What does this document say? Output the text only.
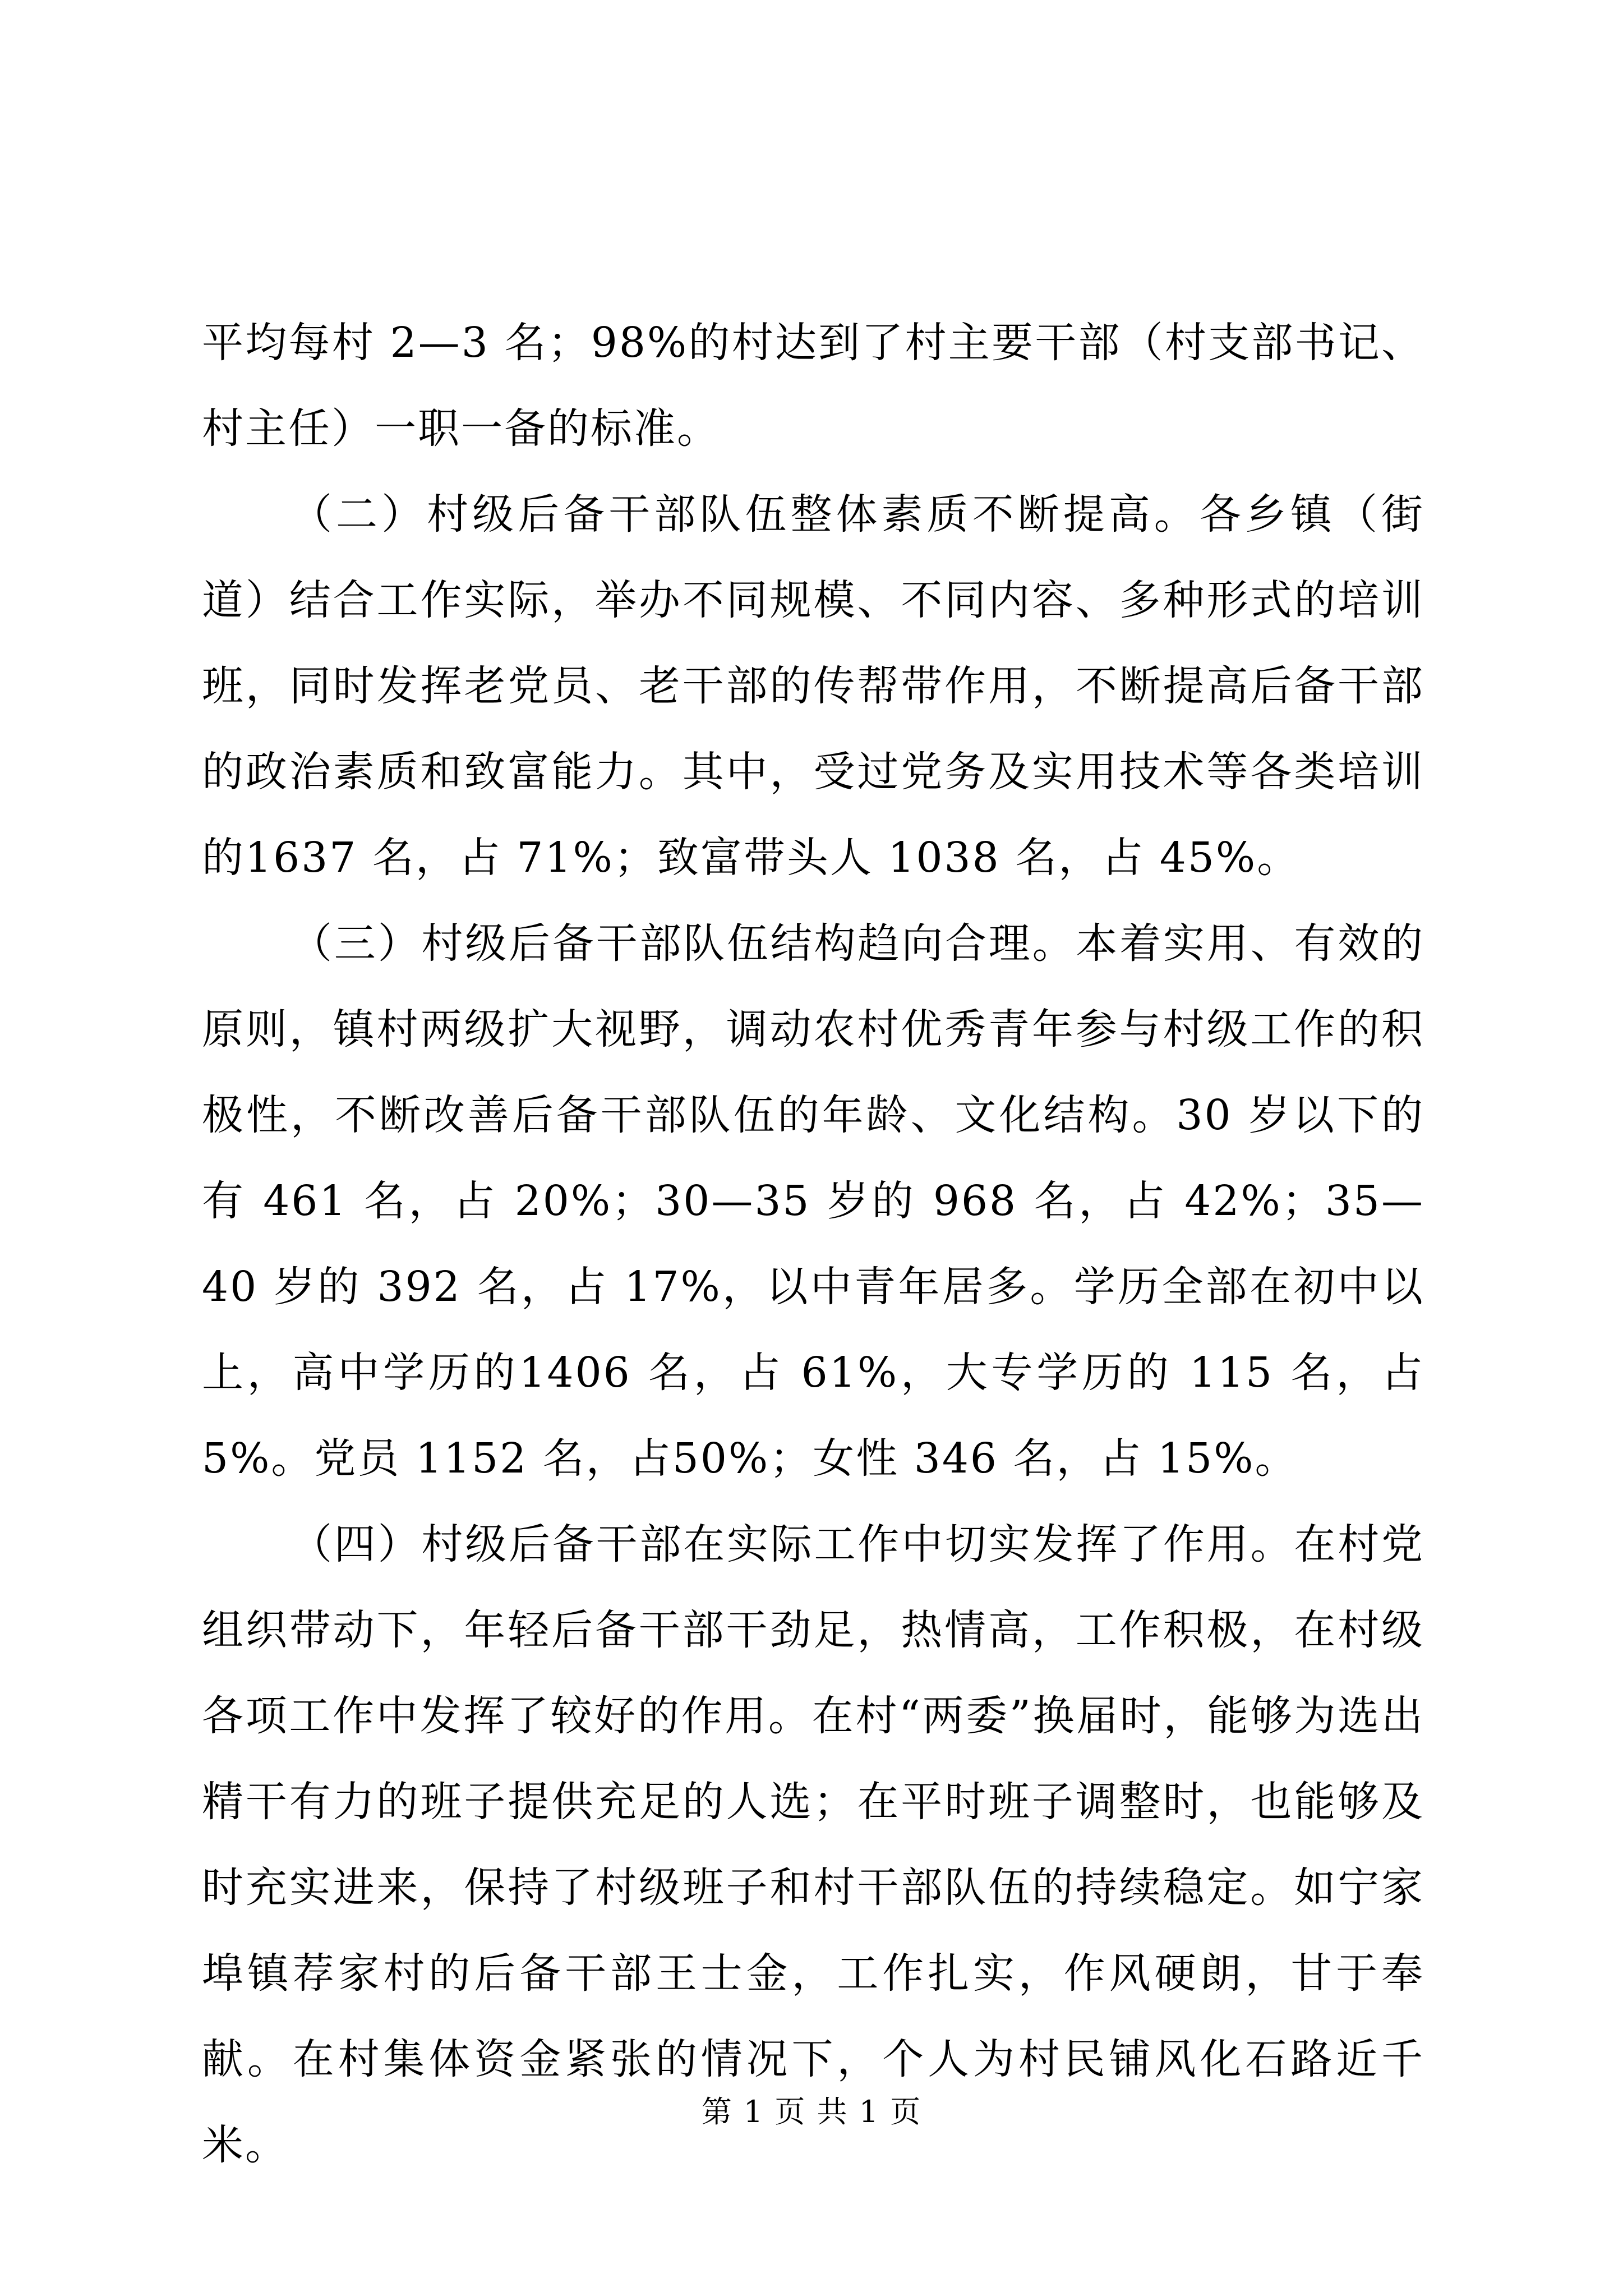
平均每村 2—3 名；98%的村达到了村主要干部（村支部书记、村主任）一职一备的标准。

（二）村级后备干部队伍整体素质不断提高。各乡镇（街道）结合工作实际，举办不同规模、不同内容、多种形式的培训班，同时发挥老党员、老干部的传帮带作用，不断提高后备干部的政治素质和致富能力。其中，受过党务及实用技术等各类培训的1637 名，占 71%；致富带头人 1038 名，占 45%。

（三）村级后备干部队伍结构趋向合理。本着实用、有效的原则，镇村两级扩大视野，调动农村优秀青年参与村级工作的积极性，不断改善后备干部队伍的年龄、文化结构。30 岁以下的有 461 名，占 20%；30—35 岁的 968 名，占 42%；35—40 岁的 392 名，占 17%，以中青年居多。学历全部在初中以上，高中学历的1406 名，占 61%，大专学历的 115 名，占 5%。党员 1152 名，占50%；女性 346 名，占 15%。

（四）村级后备干部在实际工作中切实发挥了作用。在村党组织带动下，年轻后备干部干劲足，热情高，工作积极，在村级各项工作中发挥了较好的作用。在村“两委”换届时，能够为选出精干有力的班子提供充足的人选；在平时班子调整时，也能够及时充实进来，保持了村级班子和村干部队伍的持续稳定。如宁家埠镇荐家村的后备干部王士金，工作扎实，作风硬朗，甘于奉献。在村集体资金紧张的情况下，个人为村民铺风化石路近千米。

第 1 页 共 1 页
